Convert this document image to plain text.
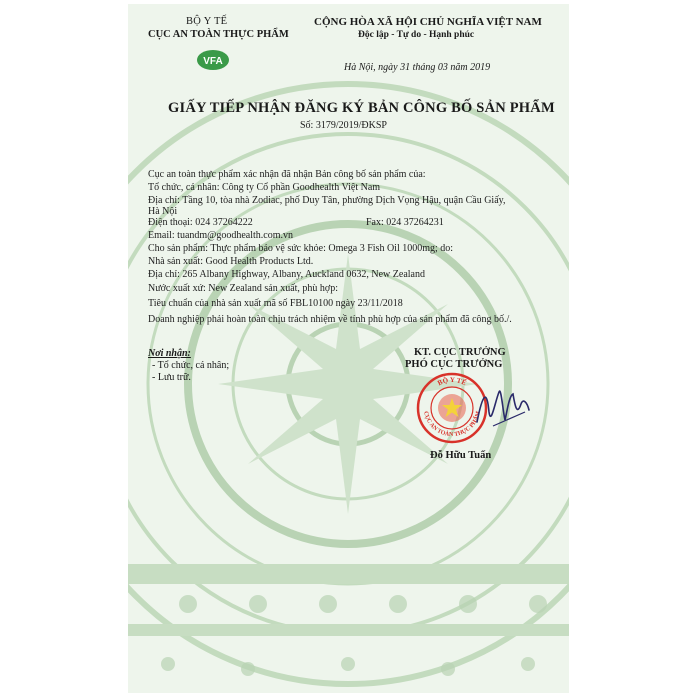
BỘ Y TẾ
CỤC AN TOÀN THỰC PHẨM
VFA
CỘNG HÒA XÃ HỘI CHỦ NGHĨA VIỆT NAM
Độc lập - Tự do - Hạnh phúc
Hà Nội, ngày 31 tháng 03 năm 2019
GIẤY TIẾP NHẬN ĐĂNG KÝ BẢN CÔNG BỐ SẢN PHẨM
Số: 3179/2019/ĐKSP
Cục an toàn thực phẩm xác nhận đã nhận Bản công bố sản phẩm của:
Tổ chức, cá nhân: Công ty Cổ phần Goodhealth Việt Nam
Địa chỉ: Tầng 10, tòa nhà Zodiac, phố Duy Tân, phường Dịch Vọng Hậu, quận Cầu Giấy,
Hà Nội
Điện thoại: 024 37264222	Fax: 024 37264231
Email: tuandm@goodhealth.com.vn
Cho sản phẩm: Thực phẩm bảo vệ sức khỏe: Omega 3 Fish Oil 1000mg; do:
Nhà sản xuất: Good Health Products Ltd.
Địa chỉ: 265 Albany Highway, Albany, Auckland 0632, New Zealand
Nước xuất xứ: New Zealand sản xuất, phù hợp:
Tiêu chuẩn của nhà sản xuất mã số FBL10100 ngày 23/11/2018
Doanh nghiệp phải hoàn toàn chịu trách nhiệm về tính phù hợp của sản phẩm đã công bố./.
Nơi nhận:
- Tổ chức, cá nhân;
- Lưu trữ.
KT. CỤC TRƯỞNG
PHÓ CỤC TRƯỞNG
BỘ Y TẾ
CỤC AN TOÀN THỰC PHẨM
Đỗ Hữu Tuấn
